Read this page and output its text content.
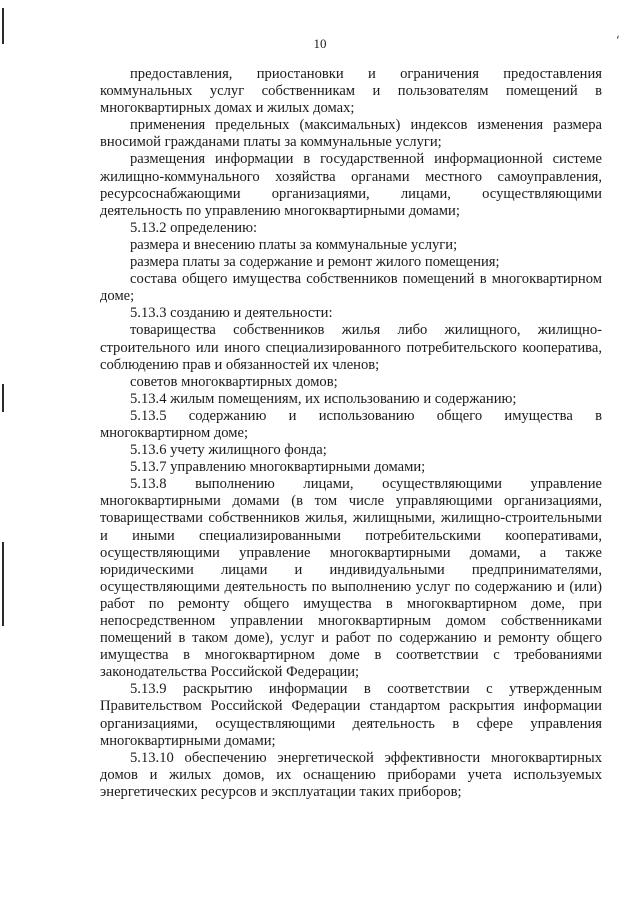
10

предоставления, приостановки и ограничения предоставления коммунальных услуг собственникам и пользователям помещений в многоквартирных домах и жилых домах;

применения предельных (максимальных) индексов изменения размера вносимой гражданами платы за коммунальные услуги;

размещения информации в государственной информационной системе жилищно-коммунального хозяйства органами местного самоуправления, ресурсоснабжающими организациями, лицами, осуществляющими деятельность по управлению многоквартирными домами;

5.13.2 определению:

размера и внесению платы за коммунальные услуги;

размера платы за содержание и ремонт жилого помещения;

состава общего имущества собственников помещений в многоквартирном доме;

5.13.3 созданию и деятельности:

товарищества собственников жилья либо жилищного, жилищно-строительного или иного специализированного потребительского кооператива, соблюдению прав и обязанностей их членов;

советов многоквартирных домов;

5.13.4 жилым помещениям, их использованию и содержанию;

5.13.5 содержанию и использованию общего имущества в многоквартирном доме;

5.13.6 учету жилищного фонда;

5.13.7 управлению многоквартирными домами;

5.13.8 выполнению лицами, осуществляющими управление многоквартирными домами (в том числе управляющими организациями, товариществами собственников жилья, жилищными, жилищно-строительными и иными специализированными потребительскими кооперативами, осуществляющими управление многоквартирными домами, а также юридическими лицами и индивидуальными предпринимателями, осуществляющими деятельность по выполнению услуг по содержанию и (или) работ по ремонту общего имущества в многоквартирном доме, при непосредственном управлении многоквартирным домом собственниками помещений в таком доме), услуг и работ по содержанию и ремонту общего имущества в многоквартирном доме в соответствии с требованиями законодательства Российской Федерации;

5.13.9 раскрытию информации в соответствии с утвержденным Правительством Российской Федерации стандартом раскрытия информации организациями, осуществляющими деятельность в сфере управления многоквартирными домами;

5.13.10 обеспечению энергетической эффективности многоквартирных домов и жилых домов, их оснащению приборами учета используемых энергетических ресурсов и эксплуатации таких приборов;

⸲
